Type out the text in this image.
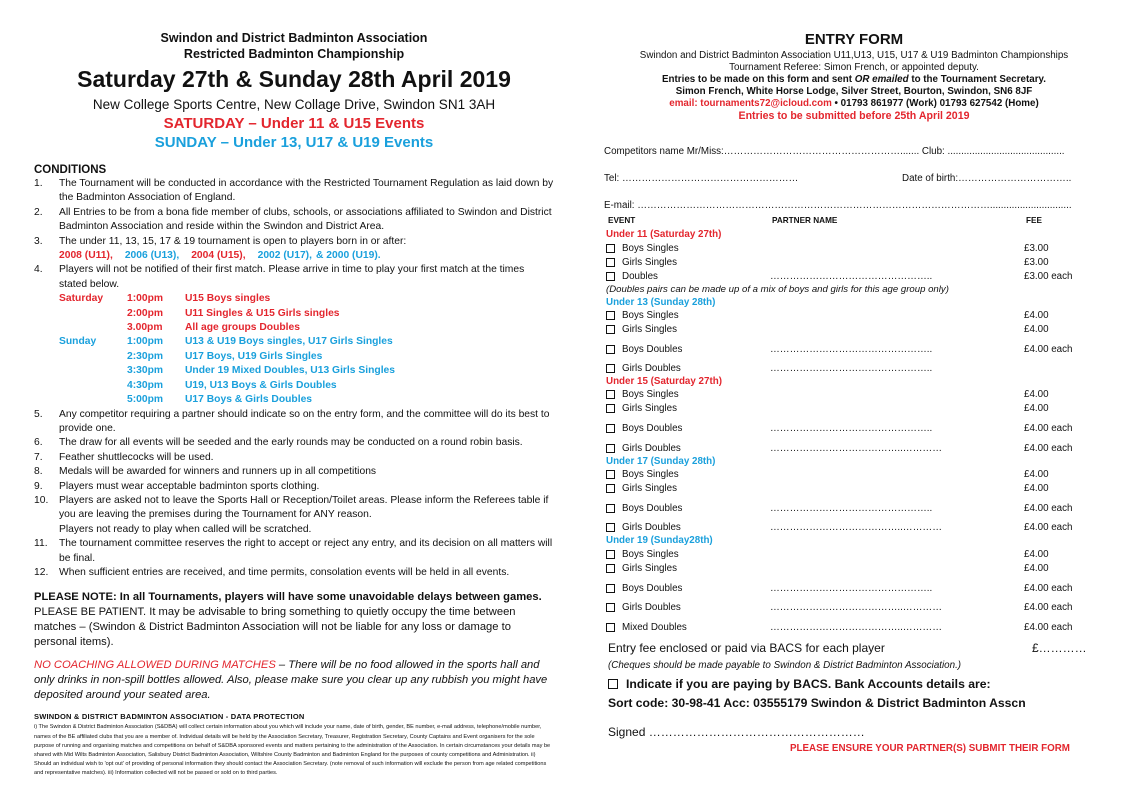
Swindon and District Badminton Association
Restricted Badminton Championship
Saturday 27th & Sunday 28th April 2019
New College Sports Centre, New Collage Drive, Swindon SN1 3AH
SATURDAY – Under 11 & U15 Events
SUNDAY – Under 13, U17 & U19 Events
CONDITIONS
1.	The Tournament will be conducted in accordance with the Restricted Tournament Regulation as laid down by the Badminton Association of England.
2.	All Entries to be from a bona fide member of clubs, schools, or associations affiliated to Swindon and District Badminton Association and reside within the Swindon and District Area.
3.	The under 11, 13, 15, 17 & 19 tournament is open to players born in or after:
2008 (U11), 2006 (U13), 2004 (U15), 2002 (U17), & 2000 (U19).
4.	Players will not be notified of their first match. Please arrive in time to play your first match at the times stated below.
Saturday	1:00pm	U15 Boys singles
2:00pm	U11 Singles & U15 Girls singles
3.00pm	All age groups Doubles
Sunday	1:00pm	U13 & U19 Boys singles, U17 Girls Singles
2:30pm	U17 Boys, U19 Girls Singles
3:30pm	Under 19 Mixed Doubles, U13 Girls Singles
4:30pm	U19, U13 Boys & Girls Doubles
5:00pm	U17 Boys & Girls Doubles
5.	Any competitor requiring a partner should indicate so on the entry form, and the committee will do its best to provide one.
6.	The draw for all events will be seeded and the early rounds may be conducted on a round robin basis.
7.	Feather shuttlecocks will be used.
8.	Medals will be awarded for winners and runners up in all competitions
9.	Players must wear acceptable badminton sports clothing.
10.	Players are asked not to leave the Sports Hall or Reception/Toilet areas. Please inform the Referees table if you are leaving the premises during the Tournament for ANY reason.
Players not ready to play when called will be scratched.
11.	The tournament committee reserves the right to accept or reject any entry, and its decision on all matters will be final.
12.	When sufficient entries are received, and time permits, consolation events will be held in all events.
PLEASE NOTE: In all Tournaments, players will have some unavoidable delays between games.
PLEASE BE PATIENT. It may be advisable to bring something to quietly occupy the time between matches – (Swindon & District Badminton Association will not be liable for any loss or damage to personal items).
NO COACHING ALLOWED DURING MATCHES – There will be no food allowed in the sports hall and only drinks in non-spill bottles allowed. Also, please make sure you clear up any rubbish you might have deposited around your seated area.
SWINDON & DISTRICT BADMINTON ASSOCIATION - DATA PROTECTION
i) The Swindon & District Badminton Association (S&DBA) will collect certain information about you which will include your name, date of birth, gender, BE number, e-mail address, telephone/mobile number, names of the BE affiliated clubs that you are a member of. Individual details will be held by the Association Secretary, Treasurer, Registration Secretary, County Captains and Event organisers for the sole purpose of running and organising matches and competitions on behalf of S&DBA sponsored events and matters pertaining to the administration of the Association. In certain circumstances your details may be shared with Mid Wilts Badminton Association, Salisbury District Badminton Association, Wiltshire County Badminton and Badminton England for the purposes of county competitions and Administration. ii) Should an individual wish to 'opt out' of providing of personal information they should contact the Association Secretary. (note removal of such information will exclude the person from age related competitions and representative matches). iii) Information collected will not be passed or sold on to third parties.
ENTRY FORM
Swindon and District Badminton Association U11,U13, U15, U17 & U19 Badminton Championships
Tournament Referee: Simon French, or appointed deputy.
Entries to be made on this form and sent OR emailed to the Tournament Secretary.
Simon French, White Horse Lodge, Silver Street, Bourton, Swindon, SN6 8JF
email: tournaments72@icloud.com • 01793 861977 (Work) 01793 627542 (Home)
Entries to be submitted before 25th April 2019
Competitors name Mr/Miss:………………………………………………....... Club: ...........................................
Tel: ………………………………………………	Date of birth:……………………………..
E-mail: ………………………………………………………………………………………………..............................
EVENT	PARTNER NAME	FEE
Under 11 (Saturday 27th)
Boys Singles	£3.00
Girls Singles	£3.00
Doubles	…………………………………………..	£3.00 each
(Doubles pairs can be made up of a mix of boys and girls for this age group only)
Under 13 (Sunday 28th)
Boys Singles	£4.00
Girls Singles	£4.00
Boys Doubles	…………………………………………..	£4.00 each
Girls Doubles	…………………………………………..
Under 15 (Saturday 27th)
Boys Singles	£4.00
Girls Singles	£4.00
Boys Doubles	…………………………………………..	£4.00 each
Girls Doubles	…………………………………..…………	£4.00 each
Under 17 (Sunday 28th)
Boys Singles	£4.00
Girls Singles	£4.00
Boys Doubles	…………………………………………..	£4.00 each
Girls Doubles	…………………………………..…………	£4.00 each
Under 19 (Sunday28th)
Boys Singles	£4.00
Girls Singles	£4.00
Boys Doubles	…………………………………………..	£4.00 each
Girls Doubles	…………………………………..…………	£4.00 each
Mixed Doubles	…………………………………..…………	£4.00 each
Entry fee enclosed or paid via BACS for each player	£…………
(Cheques should be made payable to Swindon & District Badminton Association.)
Indicate if you are paying by BACS. Bank Accounts details are:
Sort code: 30-98-41 Acc: 03555179 Swindon & District Badminton Asscn
Signed ………………………………………………
PLEASE ENSURE YOUR PARTNER(S) SUBMIT THEIR FORM
